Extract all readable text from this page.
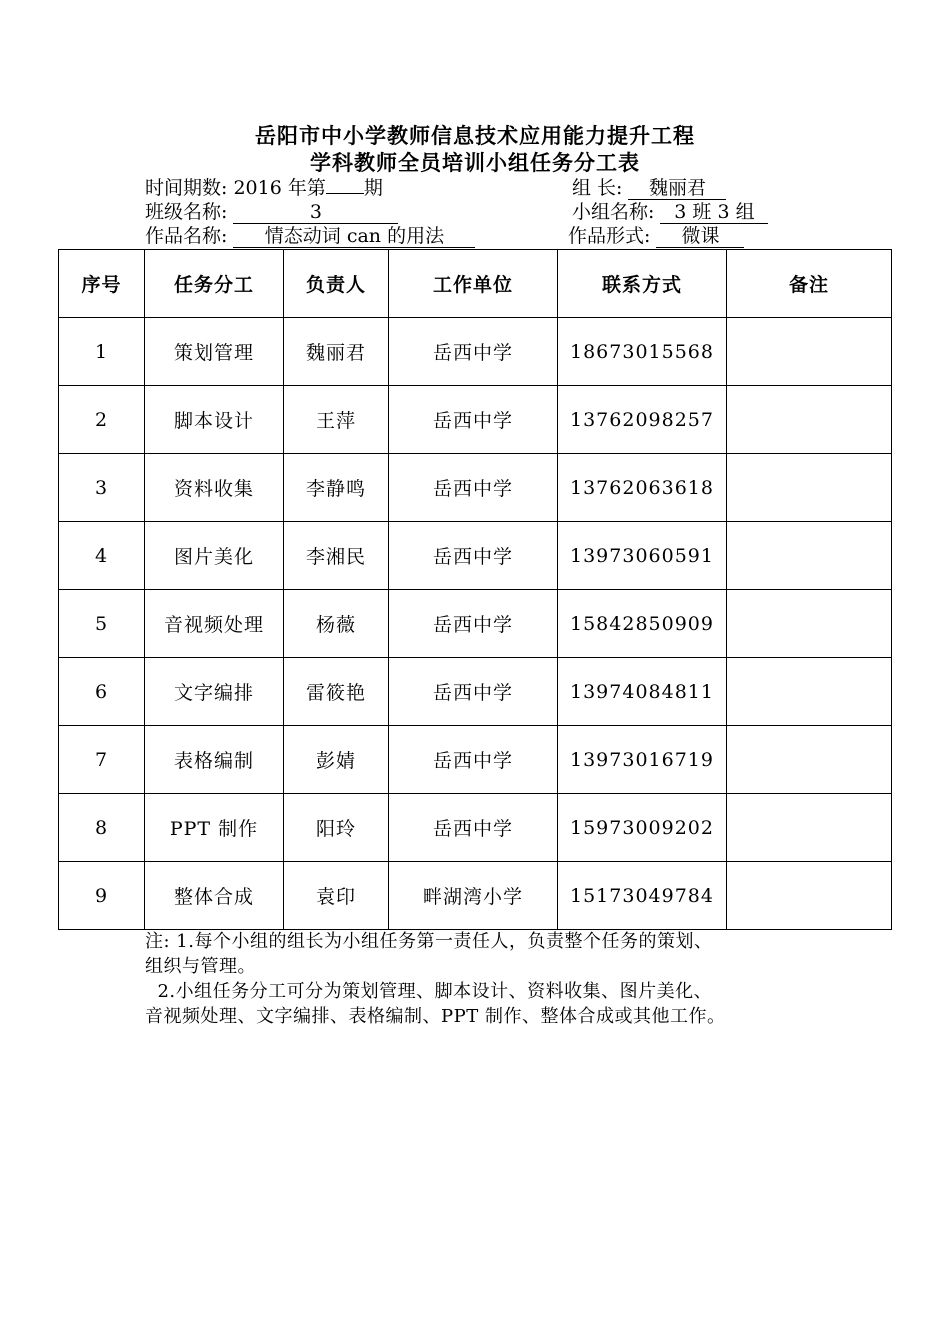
岳阳市中小学教师信息技术应用能力提升工程
学科教师全员培训小组任务分工表
时间期数: 2016 年第 期	组 长: 魏丽君
班级名称:	3	小组名称: 3 班 3 组
作品名称: 情态动词 can 的用法	作品形式: 微课
序号	任务分工	负责人	工作单位	联系方式	备注
1	策划管理	魏丽君	岳西中学	18673015568	
2	脚本设计	王萍	岳西中学	13762098257	
3	资料收集	李静鸣	岳西中学	13762063618	
4	图片美化	李湘民	岳西中学	13973060591	
5	音视频处理	杨薇	岳西中学	15842850909	
6	文字编排	雷筱艳	岳西中学	13974084811	
7	表格编制	彭婧	岳西中学	13973016719	
8	PPT 制作	阳玲	岳西中学	15973009202	
9	整体合成	袁印	畔湖湾小学	15173049784	
注: 1.每个小组的组长为小组任务第一责任人，负责整个任务的策划、
组织与管理。
2.小组任务分工可分为策划管理、脚本设计、资料收集、图片美化、
音视频处理、文字编排、表格编制、PPT 制作、整体合成或其他工作。
